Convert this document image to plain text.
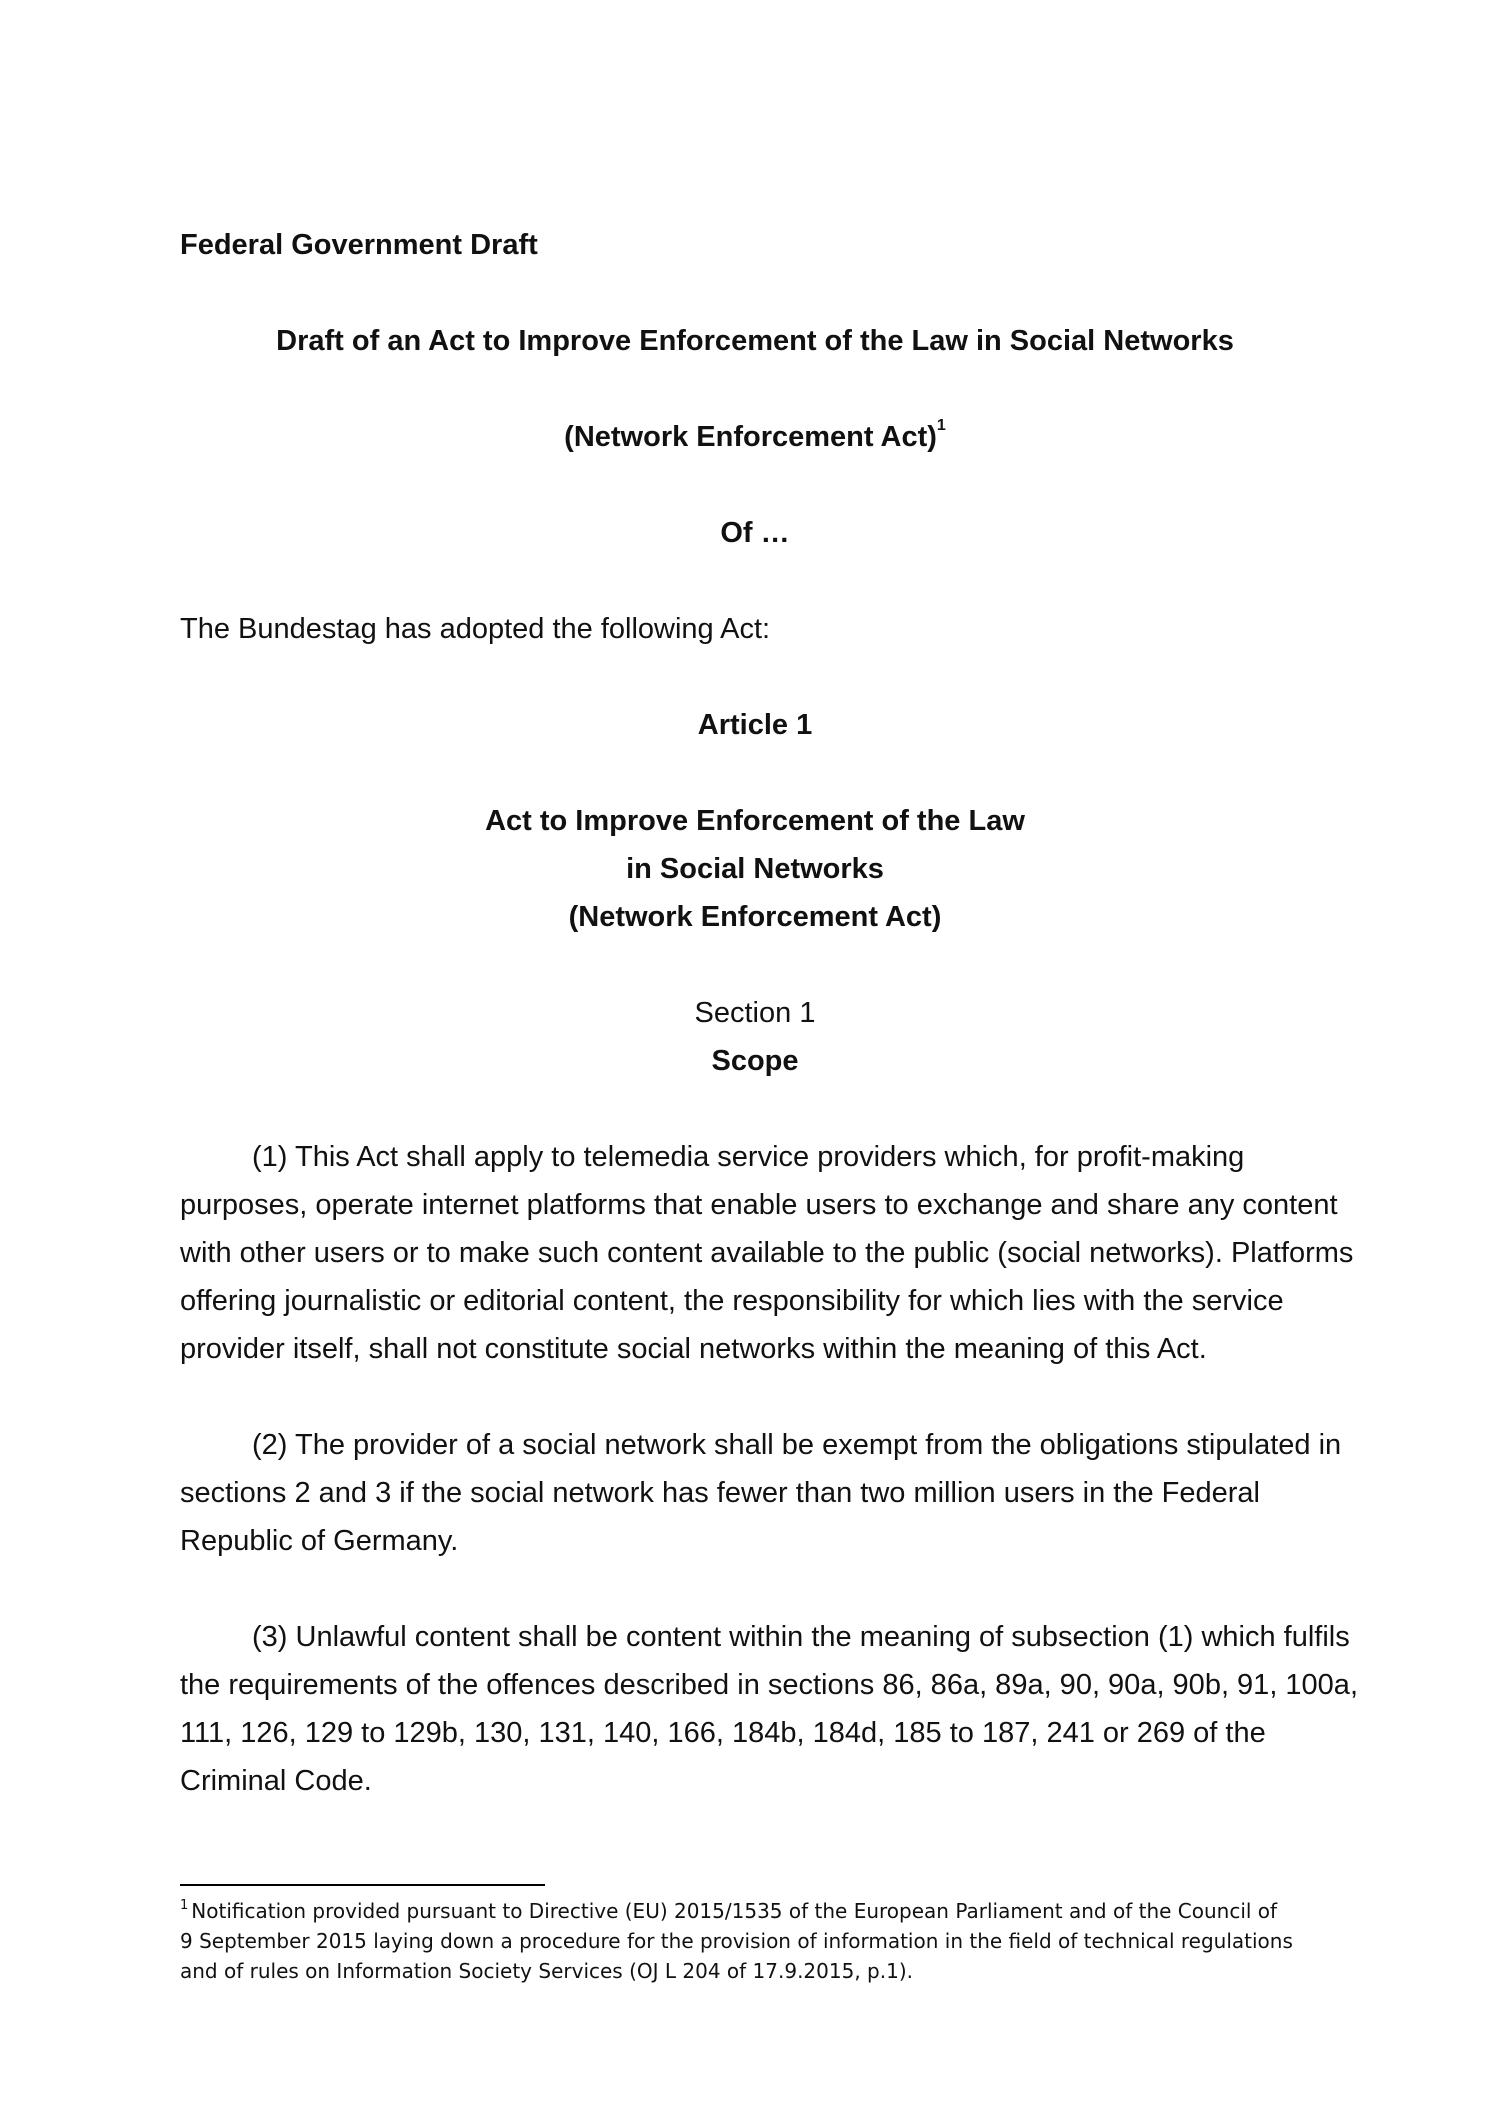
Federal Government Draft
Draft of an Act to Improve Enforcement of the Law in Social Networks
(Network Enforcement Act)$^1$
Of …
The Bundestag has adopted the following Act:
Article 1
Act to Improve Enforcement of the Law
in Social Networks
(Network Enforcement Act)
Section 1
Scope
(1) This Act shall apply to telemedia service providers which, for profit-making
purposes, operate internet platforms that enable users to exchange and share any content
with other users or to make such content available to the public (social networks). Platforms
offering journalistic or editorial content, the responsibility for which lies with the service
provider itself, shall not constitute social networks within the meaning of this Act.
(2) The provider of a social network shall be exempt from the obligations stipulated in
sections 2 and 3 if the social network has fewer than two million users in the Federal
Republic of Germany.
(3) Unlawful content shall be content within the meaning of subsection (1) which fulfils
the requirements of the offences described in sections 86, 86a, 89a, 90, 90a, 90b, 91, 100a,
111, 126, 129 to 129b, 130, 131, 140, 166, 184b, 184d, 185 to 187, 241 or 269 of the
Criminal Code.
$^1$ Notification provided pursuant to Directive (EU) 2015/1535 of the European Parliament and of the Council of
9 September 2015 laying down a procedure for the provision of information in the field of technical regulations
and of rules on Information Society Services (OJ L 204 of 17.9.2015, p.1).
